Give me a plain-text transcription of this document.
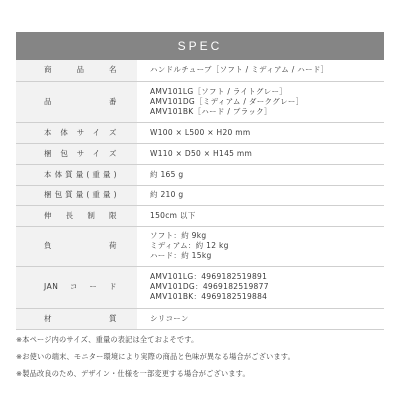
SPEC
商品名	ハンドルチューブ［ソフト / ミディアム / ハード］

品番	AMV101LG［ソフト / ライトグレー］
AMV101DG［ミディアム / ダークグレー］
AMV101BK［ハード / ブラック］

本体サイズ	W100 × L500 × H20 mm

梱包サイズ	W110 × D50 × H145 mm

本体質量(重量)	約 165 g

梱包質量(重量)	約 210 g

伸長制限	150cm 以下

負荷	ソフト：約 9kg
ミディアム：約 12 kg
ハード：約 15kg

JANコード	AMV101LG：4969182519891
AMV101DG：4969182519877
AMV101BK：4969182519884

材質	シリコーン

※本ページ内のサイズ、重量の表記は全ておよそです。

※お使いの端末、モニター環境により実際の商品と色味が異なる場合がございます。

※製品改良のため、デザイン・仕様を一部変更する場合がございます。
